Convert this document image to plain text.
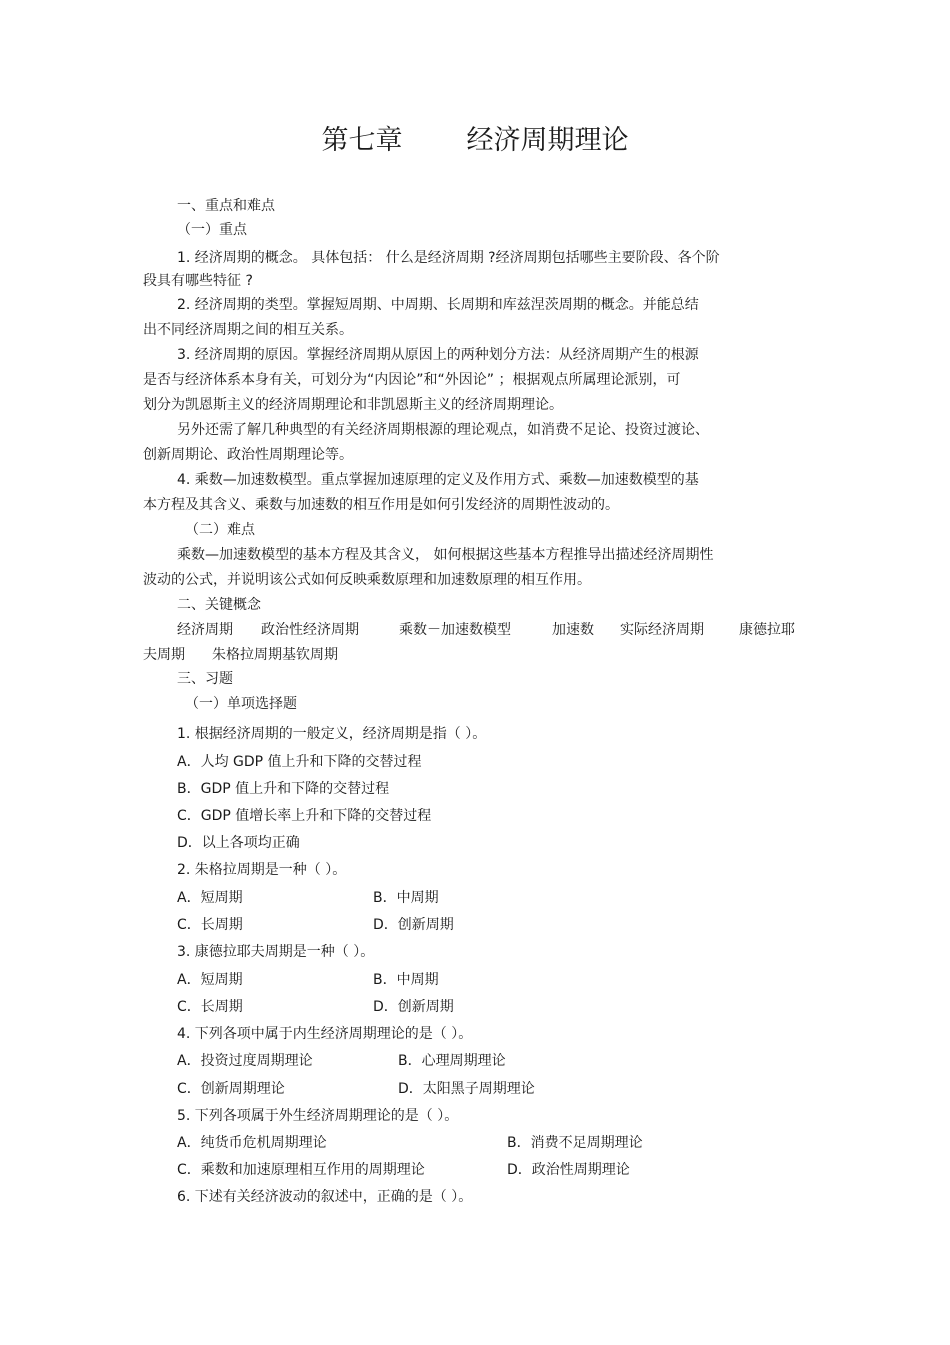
第七章 经济周期理论
一、重点和难点
（一）重点
1. 经济周期的概念。 具体包括： 什么是经济周期 ?经济周期包括哪些主要阶段、各个阶
段具有哪些特征 ?
2. 经济周期的类型。掌握短周期、中周期、长周期和库兹涅茨周期的概念。并能总结
出不同经济周期之间的相互关系。
3. 经济周期的原因。掌握经济周期从原因上的两种划分方法：从经济周期产生的根源
是否与经济体系本身有关，可划分为“内因论”和“外因论” ；根据观点所属理论派别，可
划分为凯恩斯主义的经济周期理论和非凯恩斯主义的经济周期理论。
另外还需了解几种典型的有关经济周期根源的理论观点，如消费不足论、投资过渡论、
创新周期论、政治性周期理论等。
4. 乘数—加速数模型。重点掌握加速原理的定义及作用方式、乘数—加速数模型的基
本方程及其含义、乘数与加速数的相互作用是如何引发经济的周期性波动的。
（二）难点
乘数—加速数模型的基本方程及其含义， 如何根据这些基本方程推导出描述经济周期性
波动的公式，并说明该公式如何反映乘数原理和加速数原理的相互作用。
二、关键概念
经济周期 政治性经济周期	乘数－加速数模型	加速数 实际经济周期	康德拉耶
夫周期 朱格拉周期基钦周期
三、习题
（一）单项选择题
1. 根据经济周期的一般定义，经济周期是指（ ）。
A．人均 GDP 值上升和下降的交替过程
B．GDP 值上升和下降的交替过程
C．GDP 值增长率上升和下降的交替过程
D．以上各项均正确
2. 朱格拉周期是一种（ ）。
A．短周期	B．中周期
C．长周期	D．创新周期
3. 康德拉耶夫周期是一种（ ）。
A．短周期	B．中周期
C．长周期	D．创新周期
4. 下列各项中属于内生经济周期理论的是（ ）。
A．投资过度周期理论	B．心理周期理论
C．创新周期理论	D．太阳黑子周期理论
5. 下列各项属于外生经济周期理论的是（ ）。
A．纯货币危机周期理论	B．消费不足周期理论
C．乘数和加速原理相互作用的周期理论	D．政治性周期理论
6. 下述有关经济波动的叙述中，正确的是（ ）。
